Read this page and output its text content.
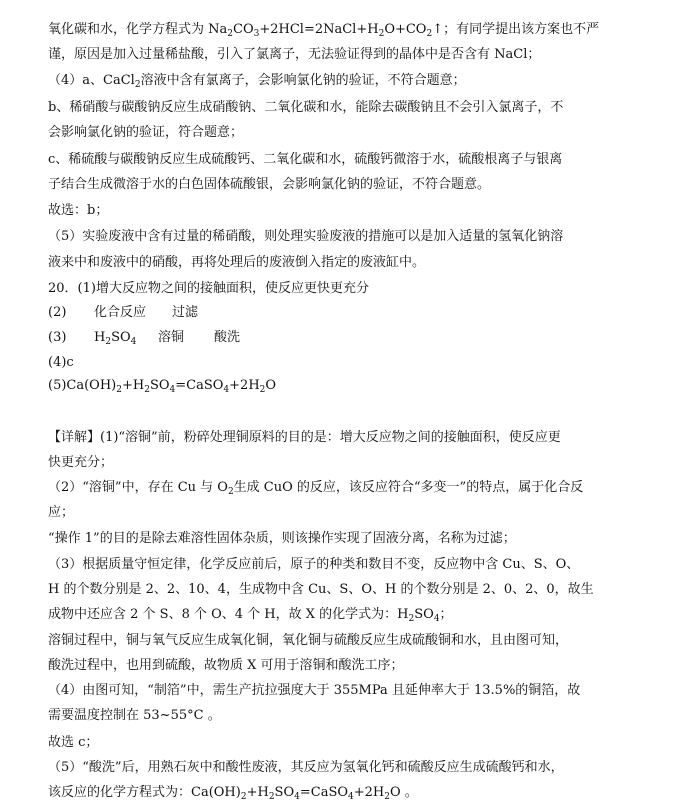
氧化碳和水，化学方程式为 $Na_2CO_3+2HCl=2NaCl+H_2O+CO_2↑$；有同学提出该方案也不严
谨，原因是加入过量稀盐酸，引入了氯离子，无法验证得到的晶体中是否含有 NaCl；
（4）a、CaCl$_2$溶液中含有氯离子，会影响氯化钠的验证，不符合题意；
b、稀硝酸与碳酸钠反应生成硝酸钠、二氧化碳和水，能除去碳酸钠且不会引入氯离子，不
会影响氯化钠的验证，符合题意；
c、稀硫酸与碳酸钠反应生成硫酸钙、二氧化碳和水，硫酸钙微溶于水，硫酸根离子与银离
子结合生成微溶于水的白色固体硫酸银，会影响氯化钠的验证，不符合题意。
故选：b；
（5）实验废液中含有过量的稀硝酸，则处理实验废液的措施可以是加入适量的氢氧化钠溶
液来中和废液中的硝酸，再将处理后的废液倒入指定的废液缸中。
20．(1)增大反应物之间的接触面积，使反应更快更充分
(2) 化合反应 过滤
(3) $H_2SO_4$ 溶铜 酸洗
(4)c
$(5)Ca(OH)_2+H_2SO_4=CaSO_4+2H_2O$
【详解】(1)“溶铜”前，粉碎处理铜原料的目的是：增大反应物之间的接触面积，使反应更
快更充分；
（2）“溶铜”中，存在 Cu 与 $O_2$生成 CuO 的反应，该反应符合“多变一”的特点，属于化合反
应；
“操作 1”的目的是除去难溶性固体杂质，则该操作实现了固液分离，名称为过滤；
（3）根据质量守恒定律，化学反应前后，原子的种类和数目不变，反应物中含 Cu、S、O、
H 的个数分别是 2、2、10、4，生成物中含 Cu、S、O、H 的个数分别是 2、0、2、0，故生
成物中还应含 2 个 S、8 个 O、4 个 H，故 X 的化学式为：$H_2SO_4$；
溶铜过程中，铜与氧气反应生成氧化铜，氧化铜与硫酸反应生成硫酸铜和水，且由图可知，
酸洗过程中，也用到硫酸，故物质 X 可用于溶铜和酸洗工序；
（4）由图可知，“制箔”中，需生产抗拉强度大于 355MPa 且延伸率大于 13.5%的铜箔，故
需要温度控制在 53~55°C 。
故选 c；
（5）“酸洗”后，用熟石灰中和酸性废液，其反应为氢氧化钙和硫酸反应生成硫酸钙和水，
该反应的化学方程式为：$Ca(OH)_2+H_2SO_4=CaSO_4+2H_2O$ 。
